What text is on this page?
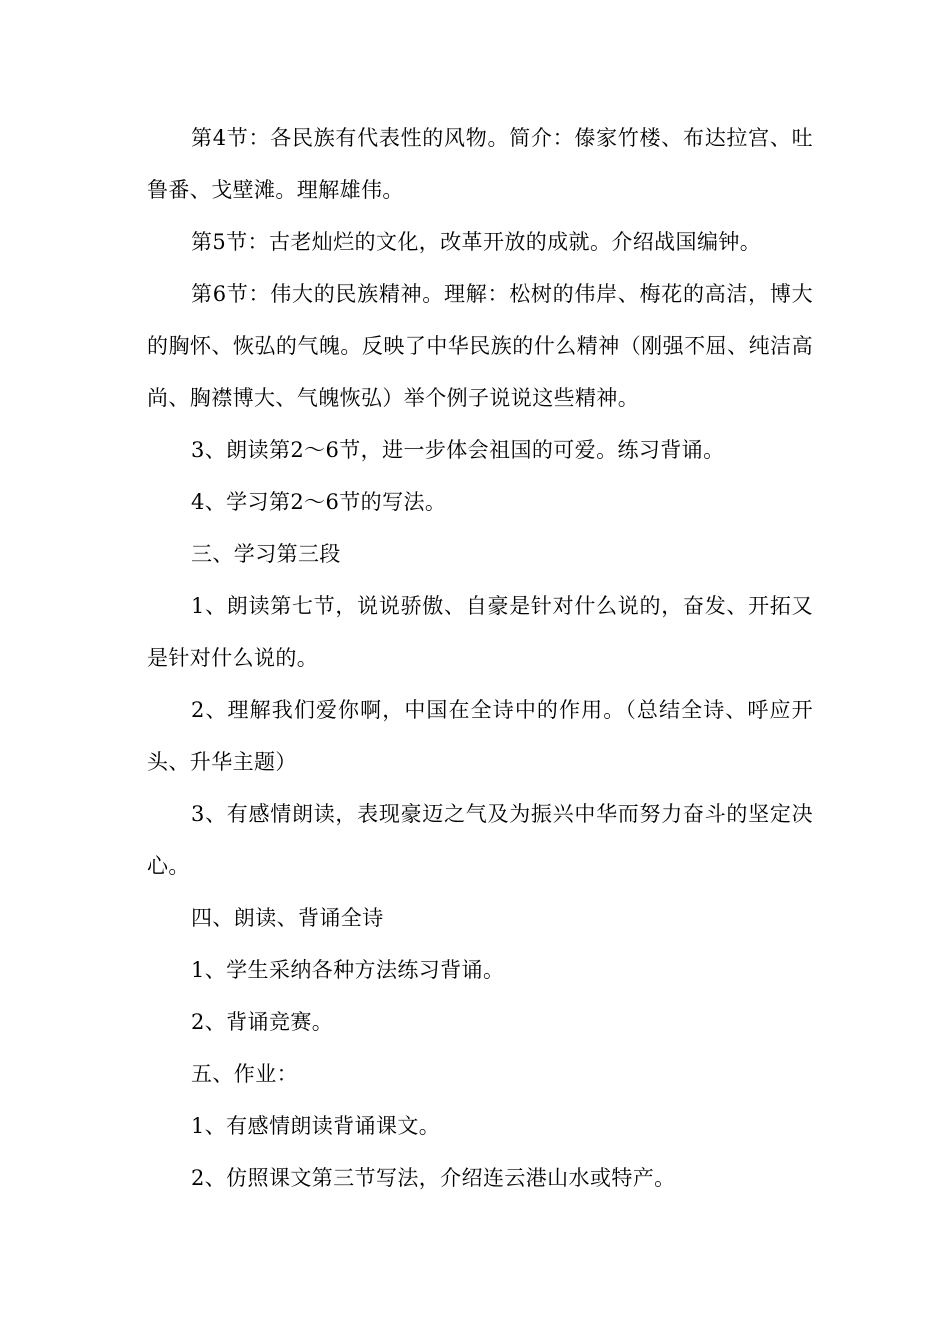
第4节：各民族有代表性的风物。简介：傣家竹楼、布达拉宫、吐鲁番、戈壁滩。理解雄伟。

第5节：古老灿烂的文化，改革开放的成就。介绍战国编钟。

第6节：伟大的民族精神。理解：松树的伟岸、梅花的高洁，博大的胸怀、恢弘的气魄。反映了中华民族的什么精神（刚强不屈、纯洁高尚、胸襟博大、气魄恢弘）举个例子说说这些精神。

3、朗读第2～6节，进一步体会祖国的可爱。练习背诵。

4、学习第2～6节的写法。

三、学习第三段

1、朗读第七节，说说骄傲、自豪是针对什么说的，奋发、开拓又是针对什么说的。

2、理解我们爱你啊，中国在全诗中的作用。（总结全诗、呼应开头、升华主题）

3、有感情朗读，表现豪迈之气及为振兴中华而努力奋斗的坚定决心。

四、朗读、背诵全诗

1、学生采纳各种方法练习背诵。

2、背诵竞赛。

五、作业：

1、有感情朗读背诵课文。

2、仿照课文第三节写法，介绍连云港山水或特产。
